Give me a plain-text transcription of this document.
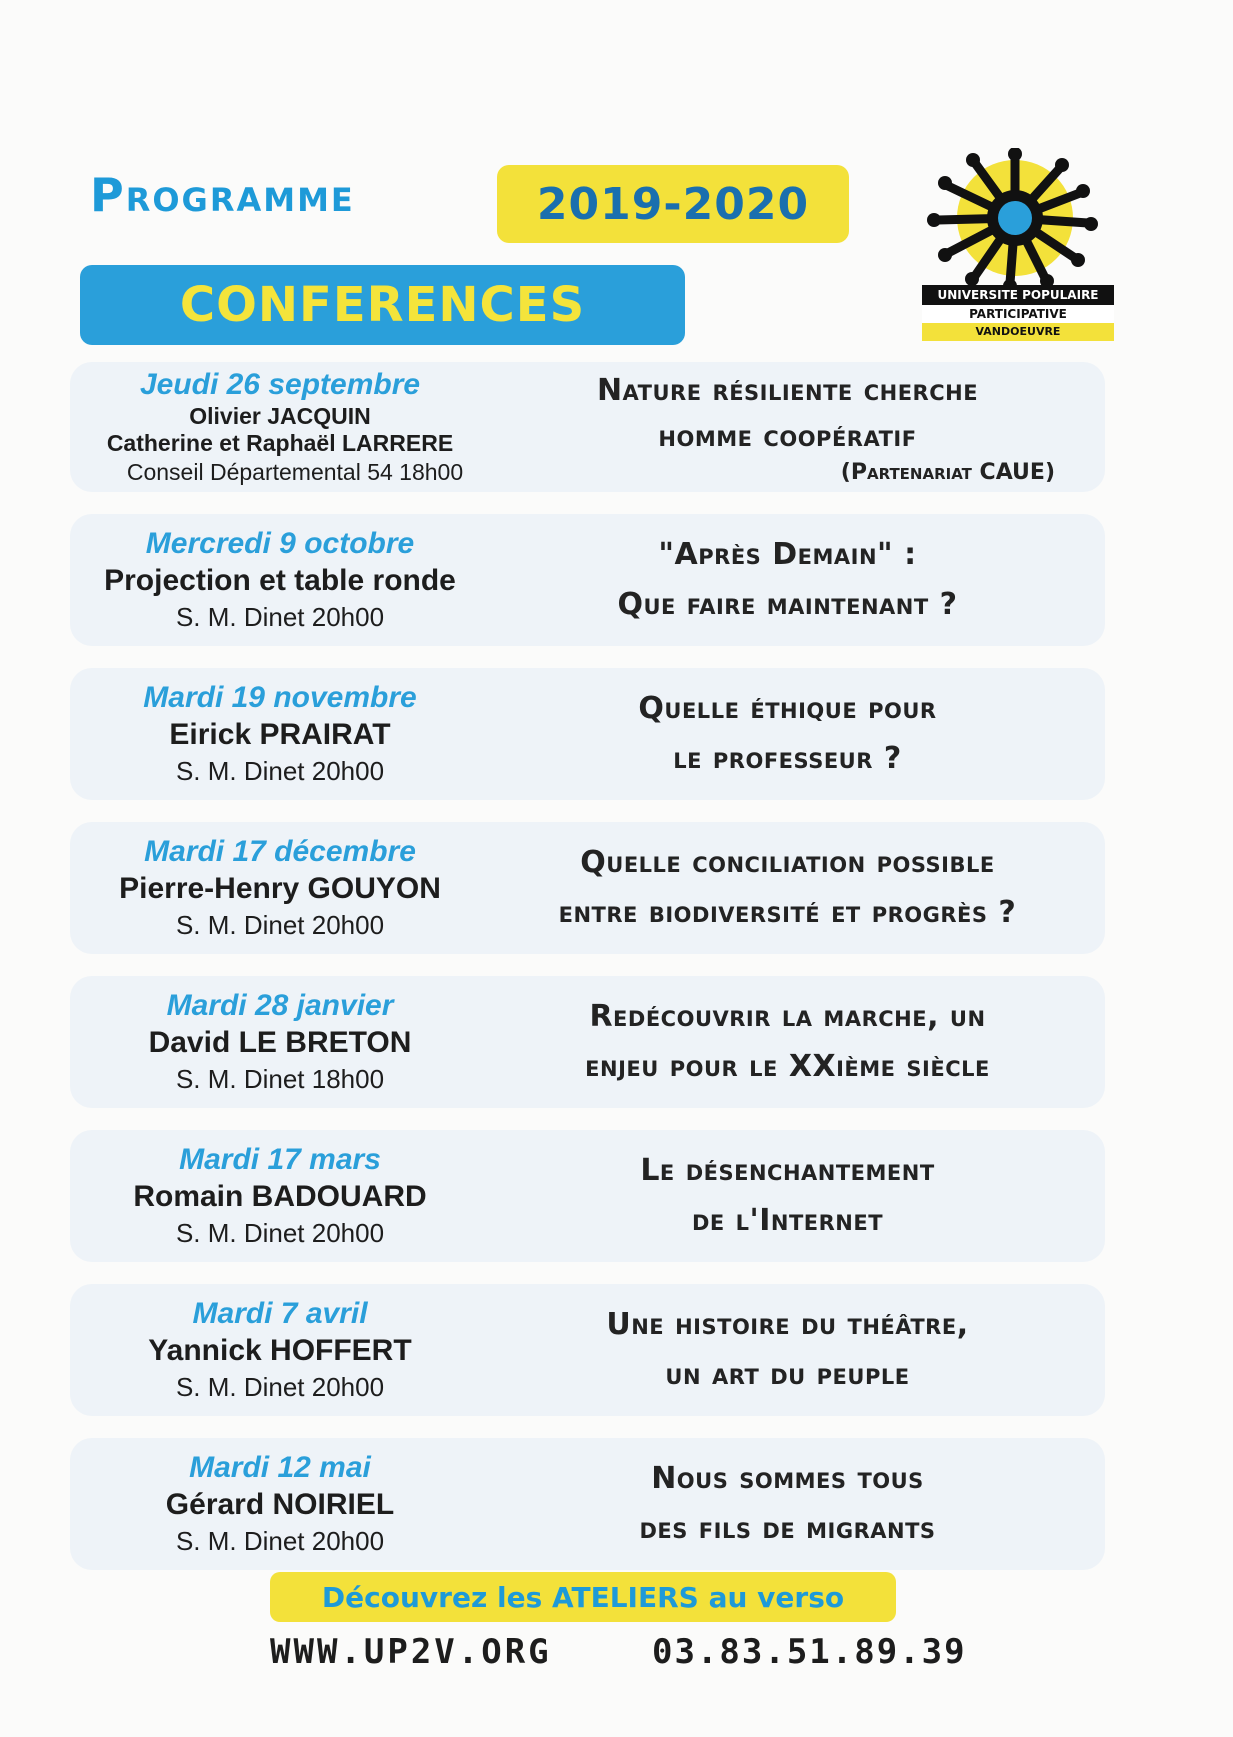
Programme	2019-2020
CONFERENCES	UNIVERSITE POPULAIRE
PARTICIPATIVE
VANDOEUVRE
Jeudi 26 septembre
Olivier JACQUIN
Catherine et Raphaël LARRERE
Conseil Départemental 54 18h00
Nature résiliente cherche
homme coopératif
(Partenariat CAUE)
Mercredi 9 octobre
Projection et table ronde
S. M. Dinet 20h00
"Après Demain" :
Que faire maintenant ?
Mardi 19 novembre
Eirick PRAIRAT
S. M. Dinet 20h00
Quelle éthique pour
le professeur ?
Mardi 17 décembre
Pierre-Henry GOUYON
S. M. Dinet 20h00
Quelle conciliation possible
entre biodiversité et progrès ?
Mardi 28 janvier
David LE BRETON
S. M. Dinet 18h00
Redécouvrir la marche, un
enjeu pour le XXième siècle
Mardi 17 mars
Romain BADOUARD
S. M. Dinet 20h00
Le désenchantement
de l'Internet
Mardi 7 avril
Yannick HOFFERT
S. M. Dinet 20h00
Une histoire du théâtre,
un art du peuple
Mardi 12 mai
Gérard NOIRIEL
S. M. Dinet 20h00
Nous sommes tous
des fils de migrants
Découvrez les ATELIERS au verso
WWW.UP2V.ORG	03.83.51.89.39
